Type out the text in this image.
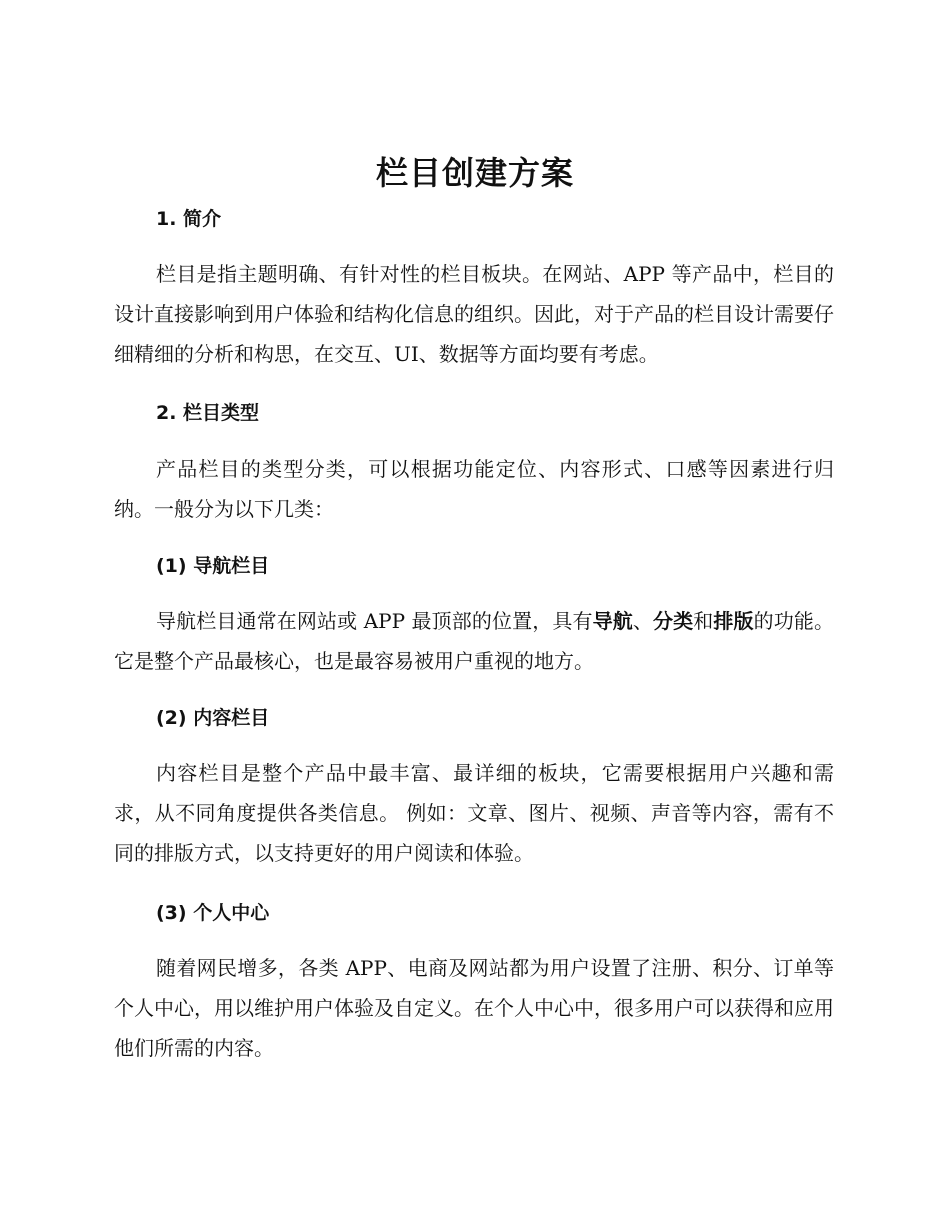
栏目创建方案
1. 简介

栏目是指主题明确、有针对性的栏目板块。在网站、APP 等产品中，栏目的设计直接影响到用户体验和结构化信息的组织。因此，对于产品的栏目设计需要仔细精细的分析和构思，在交互、UI、数据等方面均要有考虑。

2. 栏目类型

产品栏目的类型分类，可以根据功能定位、内容形式、口感等因素进行归纳。一般分为以下几类：

(1) 导航栏目

导航栏目通常在网站或 APP 最顶部的位置，具有导航、分类和排版的功能。它是整个产品最核心，也是最容易被用户重视的地方。

(2) 内容栏目

内容栏目是整个产品中最丰富、最详细的板块，它需要根据用户兴趣和需求，从不同角度提供各类信息。 例如：文章、图片、视频、声音等内容，需有不同的排版方式，以支持更好的用户阅读和体验。

(3) 个人中心

随着网民增多，各类 APP、电商及网站都为用户设置了注册、积分、订单等个人中心，用以维护用户体验及自定义。在个人中心中，很多用户可以获得和应用他们所需的内容。
